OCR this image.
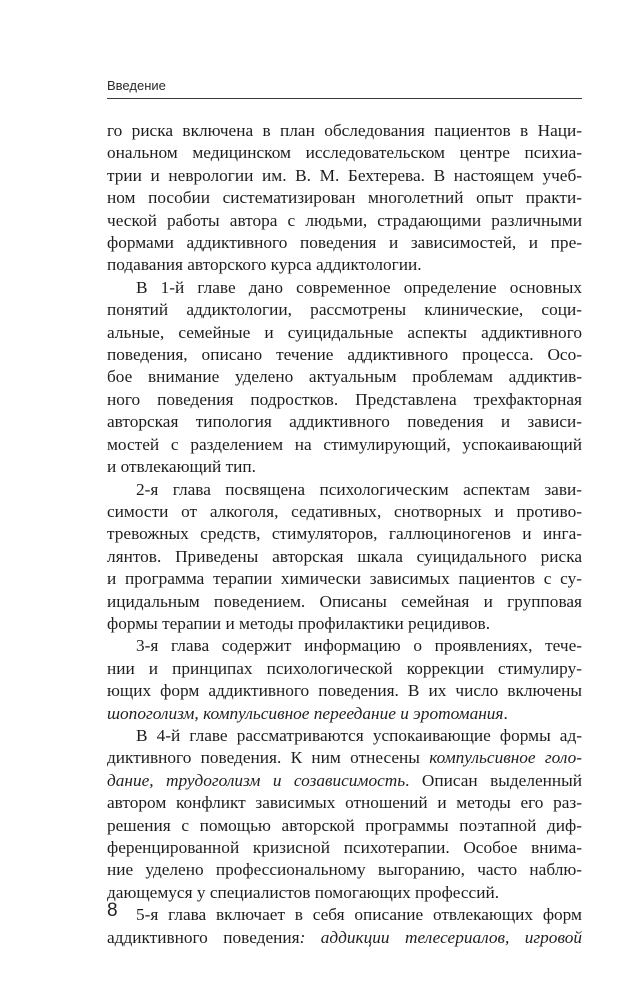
Введение

го риска включена в план обследования пациентов в Наци-
ональном медицинском исследовательском центре психиа-
трии и неврологии им. В. М. Бехтерева. В настоящем учеб-
ном пособии систематизирован многолетний опыт практи-
ческой работы автора с людьми, страдающими различными
формами аддиктивного поведения и зависимостей, и пре-
подавания авторского курса аддиктологии.

В 1-й главе дано современное определение основных
понятий аддиктологии, рассмотрены клинические, соци-
альные, семейные и суицидальные аспекты аддиктивного
поведения, описано течение аддиктивного процесса. Осо-
бое внимание уделено актуальным проблемам аддиктив-
ного поведения подростков. Представлена трехфакторная
авторская типология аддиктивного поведения и зависи-
мостей с разделением на стимулирующий, успокаивающий
и отвлекающий тип.

2-я глава посвящена психологическим аспектам зави-
симости от алкоголя, седативных, снотворных и противо-
тревожных средств, стимуляторов, галлюциногенов и инга-
лянтов. Приведены авторская шкала суицидального риска
и программа терапии химически зависимых пациентов с су-
ицидальным поведением. Описаны семейная и групповая
формы терапии и методы профилактики рецидивов.

3-я глава содержит информацию о проявлениях, тече-
нии и принципах психологической коррекции стимулиру-
ющих форм аддиктивного поведения. В их число включены
шопоголизм, компульсивное переедание и эротомания.

В 4-й главе рассматриваются успокаивающие формы ад-
диктивного поведения. К ним отнесены компульсивное голо-
дание, трудоголизм и созависимость. Описан выделенный
автором конфликт зависимых отношений и методы его раз-
решения с помощью авторской программы поэтапной диф-
ференцированной кризисной психотерапии. Особое внима-
ние уделено профессиональному выгоранию, часто наблю-
дающемуся у специалистов помогающих профессий.

5-я глава включает в себя описание отвлекающих форм
аддиктивного поведения: аддикции телесериалов, игровой

8
